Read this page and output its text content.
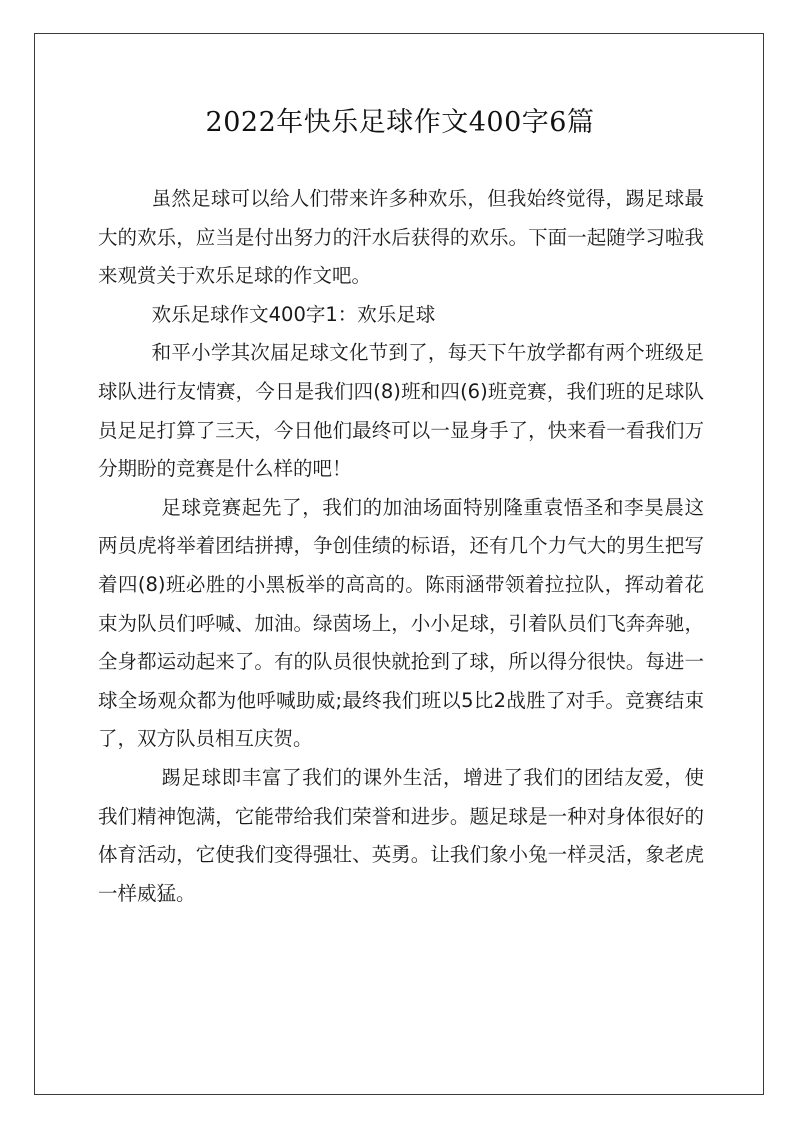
2022年快乐足球作文400字6篇

虽然足球可以给人们带来许多种欢乐，但我始终觉得，踢足球最大的欢乐，应当是付出努力的汗水后获得的欢乐。下面一起随学习啦我来观赏关于欢乐足球的作文吧。

欢乐足球作文400字1：欢乐足球

和平小学其次届足球文化节到了，每天下午放学都有两个班级足球队进行友情赛，今日是我们四(8)班和四(6)班竞赛，我们班的足球队员足足打算了三天，今日他们最终可以一显身手了，快来看一看我们万分期盼的竞赛是什么样的吧！

足球竞赛起先了，我们的加油场面特别隆重袁悟圣和李昊晨这两员虎将举着团结拼搏，争创佳绩的标语，还有几个力气大的男生把写着四(8)班必胜的小黑板举的高高的。陈雨涵带领着拉拉队，挥动着花束为队员们呼喊、加油。绿茵场上，小小足球，引着队员们飞奔奔驰，全身都运动起来了。有的队员很快就抢到了球，所以得分很快。每进一球全场观众都为他呼喊助威;最终我们班以5比2战胜了对手。竞赛结束了，双方队员相互庆贺。

踢足球即丰富了我们的课外生活，增进了我们的团结友爱，使我们精神饱满，它能带给我们荣誉和进步。题足球是一种对身体很好的体育活动，它使我们变得强壮、英勇。让我们象小兔一样灵活，象老虎一样威猛。
